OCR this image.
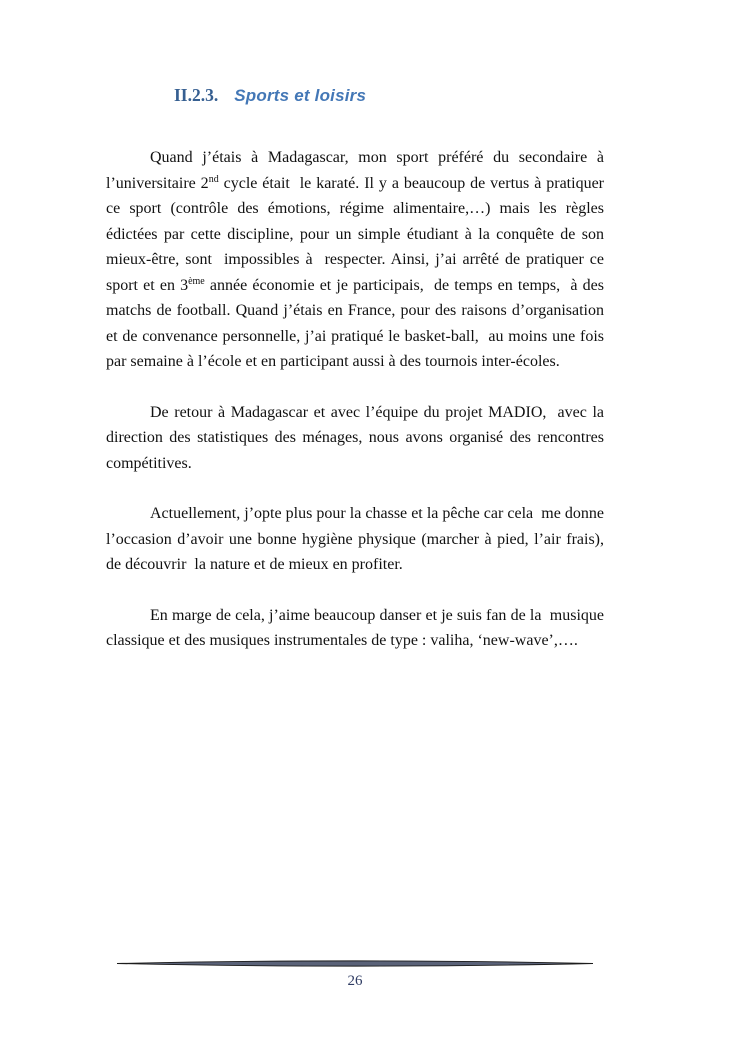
II.2.3. Sports et loisirs

Quand j’étais à Madagascar, mon sport préféré du secondaire à l’universitaire 2nd cycle était  le karaté. Il y a beaucoup de vertus à pratiquer ce sport (contrôle des émotions, régime alimentaire,…) mais les règles édictées par cette discipline, pour un simple étudiant à la conquête de son mieux-être, sont  impossibles à  respecter. Ainsi, j’ai arrêté de pratiquer ce sport et en 3ème année économie et je participais,  de temps en temps,  à des matchs de football. Quand j’étais en France, pour des raisons d’organisation et de convenance personnelle, j’ai pratiqué le basket-ball,  au moins une fois par semaine à l’école et en participant aussi à des tournois inter-écoles.

De retour à Madagascar et avec l’équipe du projet MADIO,  avec la direction des statistiques des ménages, nous avons organisé des rencontres compétitives.

Actuellement, j’opte plus pour la chasse et la pêche car cela  me donne l’occasion d’avoir une bonne hygiène physique (marcher à pied, l’air frais), de découvrir  la nature et de mieux en profiter.

En marge de cela, j’aime beaucoup danser et je suis fan de la  musique classique et des musiques instrumentales de type : valiha, ‘new-wave’,….

26
